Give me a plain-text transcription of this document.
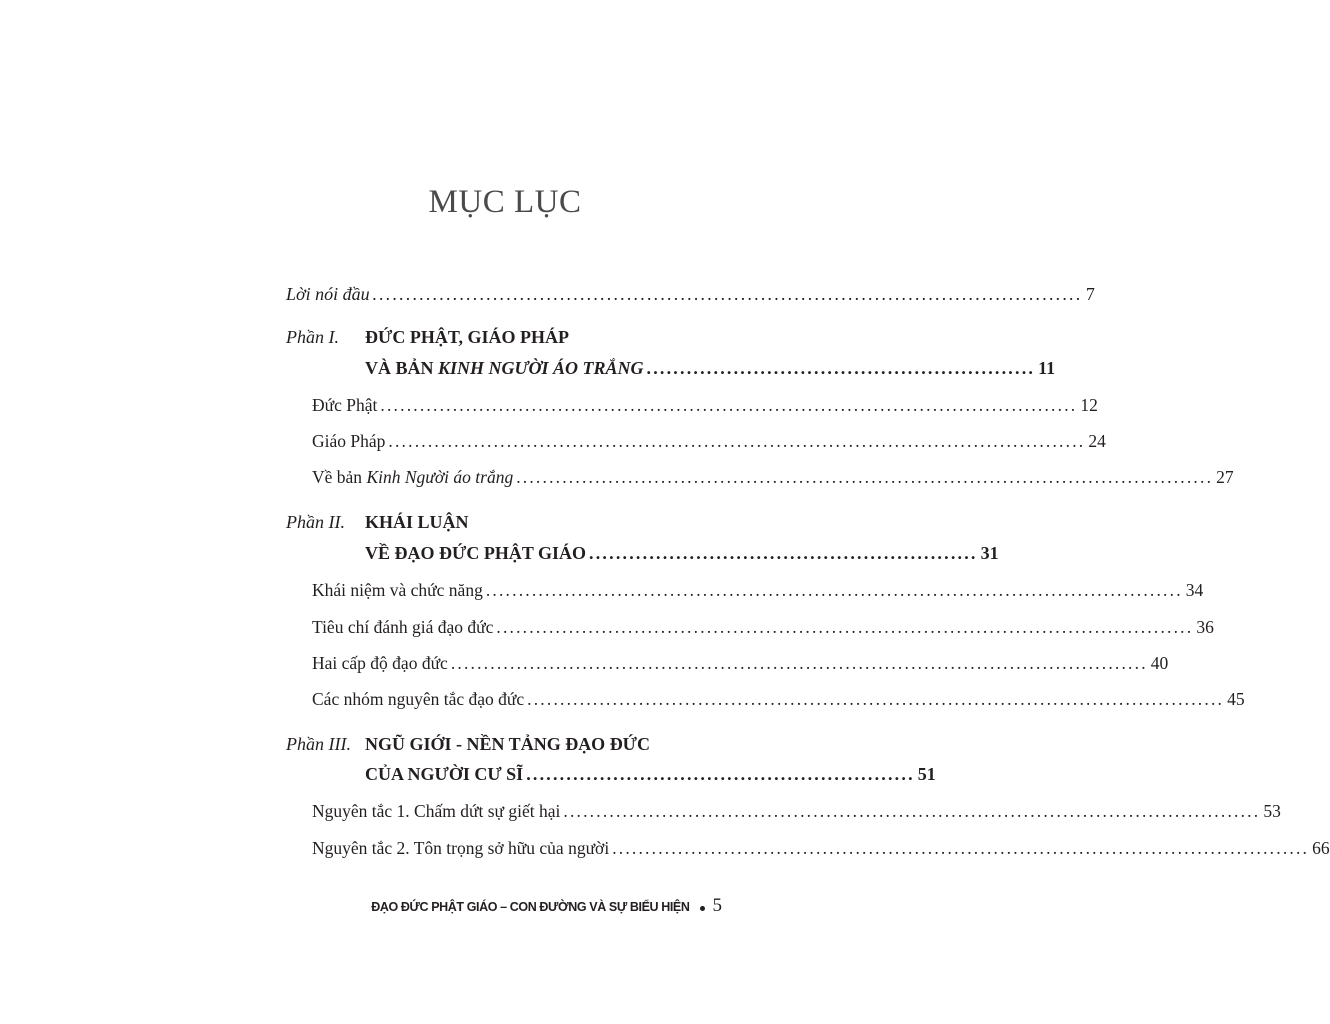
MỤC LỤC
Lời nói đầu .......................................................................................................... 7
Phần I. ĐỨC PHẬT, GIÁO PHÁP
VÀ BẢN KINH NGƯỜI ÁO TRẮNG .......................................................... 11
Đức Phật .......................................................................................................... 12
Giáo Pháp .......................................................................................................... 24
Về bản Kinh Người áo trắng .......................................................................................................... 27
Phần II. KHÁI LUẬN
VỀ ĐẠO ĐỨC PHẬT GIÁO .......................................................... 31
Khái niệm và chức năng .......................................................................................................... 34
Tiêu chí đánh giá đạo đức .......................................................................................................... 36
Hai cấp độ đạo đức .......................................................................................................... 40
Các nhóm nguyên tắc đạo đức .......................................................................................................... 45
Phần III. NGŨ GIỚI - NỀN TẢNG ĐẠO ĐỨC
CỦA NGƯỜI CƯ SĨ .......................................................... 51
Nguyên tắc 1. Chấm dứt sự giết hại .......................................................................................................... 53
Nguyên tắc 2. Tôn trọng sở hữu của người .......................................................................................................... 66
ĐẠO ĐỨC PHẬT GIÁO – CON ĐƯỜNG VÀ SỰ BIỂU HIỆN 5
